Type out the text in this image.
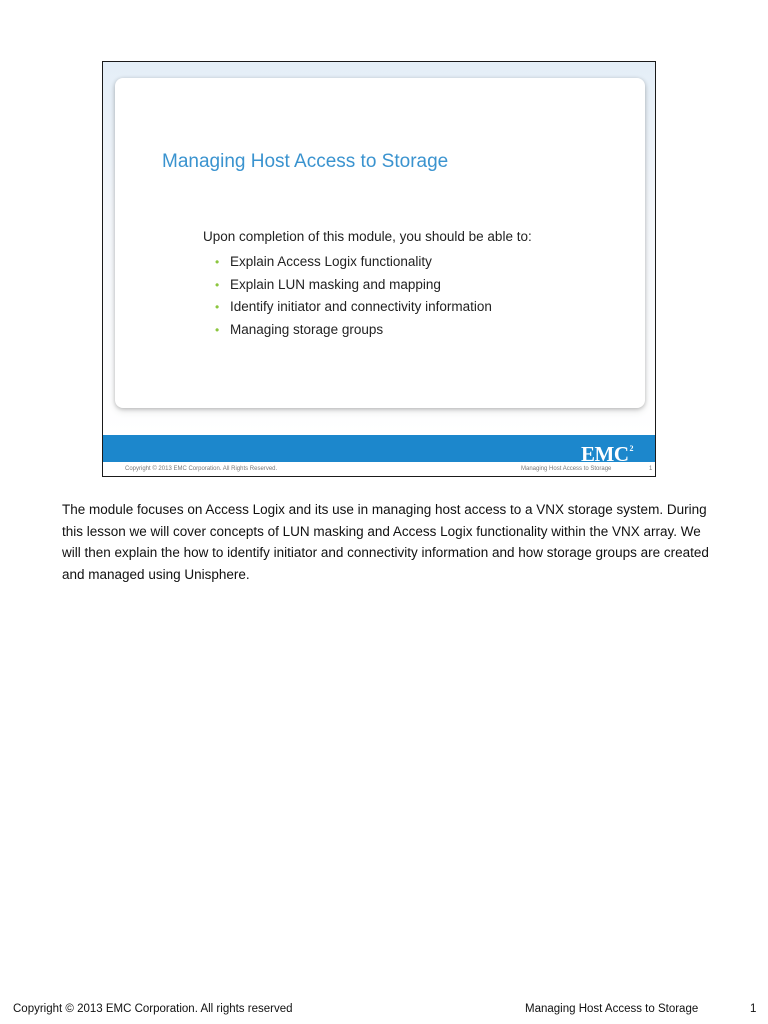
Managing Host Access to Storage
Upon completion of this module, you should be able to:
• Explain Access Logix functionality
• Explain LUN masking and mapping
• Identify initiator and connectivity information
• Managing storage groups
EMC$^2$
Copyright © 2013 EMC Corporation. All Rights Reserved.	Managing Host Access to Storage	1

The module focuses on Access Logix and its use in managing host access to a VNX storage system. During this lesson we will cover concepts of LUN masking and Access Logix functionality within the VNX array. We will then explain the how to identify initiator and connectivity information and how storage groups are created and managed using Unisphere.

Copyright © 2013 EMC Corporation. All rights reserved	Managing Host Access to Storage	1
